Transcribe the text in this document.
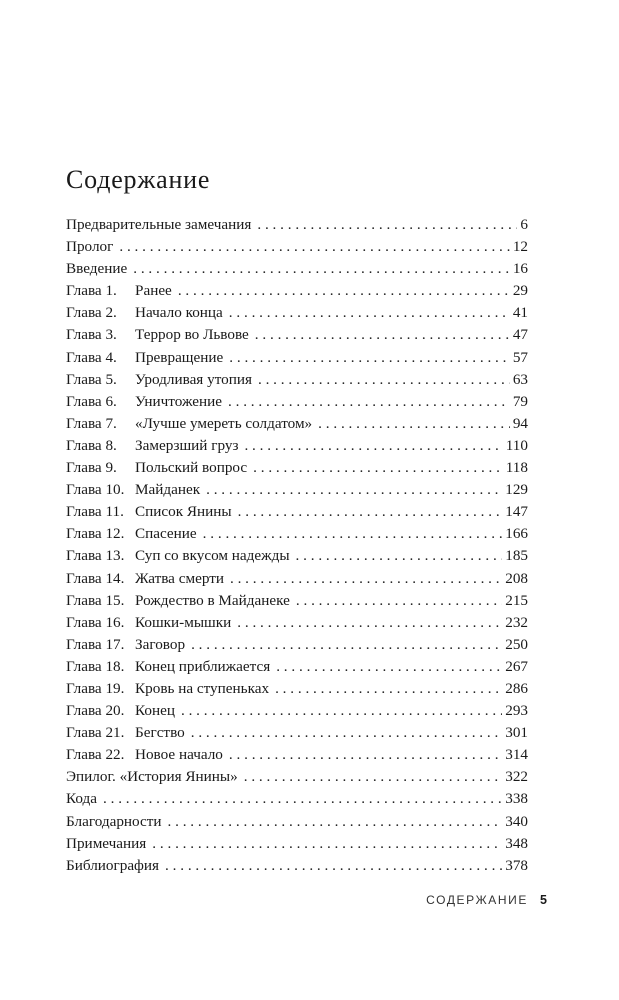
Содержание
Предварительные замечания . . .	6
Пролог . . .	12
Введение . . .	16
Глава 1.	Ранее . . .	29
Глава 2.	Начало конца . . .	41
Глава 3.	Террор во Львове . . .	47
Глава 4.	Превращение . . .	57
Глава 5.	Уродливая утопия . . .	63
Глава 6.	Уничтожение . . .	79
Глава 7.	«Лучше умереть солдатом» . . .	94
Глава 8.	Замерзший груз . . .	110
Глава 9.	Польский вопрос . . .	118
Глава 10. Майданек . . .	129
Глава 11. Список Янины . . .	147
Глава 12. Спасение . . .	166
Глава 13. Суп со вкусом надежды . . .	185
Глава 14. Жатва смерти . . .	208
Глава 15. Рождество в Майданеке . . .	215
Глава 16. Кошки-мышки . . .	232
Глава 17. Заговор . . .	250
Глава 18. Конец приближается . . .	267
Глава 19. Кровь на ступеньках . . .	286
Глава 20. Конец . . .	293
Глава 21. Бегство . . .	301
Глава 22. Новое начало . . .	314
Эпилог. «История Янины» . . .	322
Кода . . .	338
Благодарности . . .	340
Примечания . . .	348
Библиография . . .	378
СОДЕРЖАНИЕ 5
